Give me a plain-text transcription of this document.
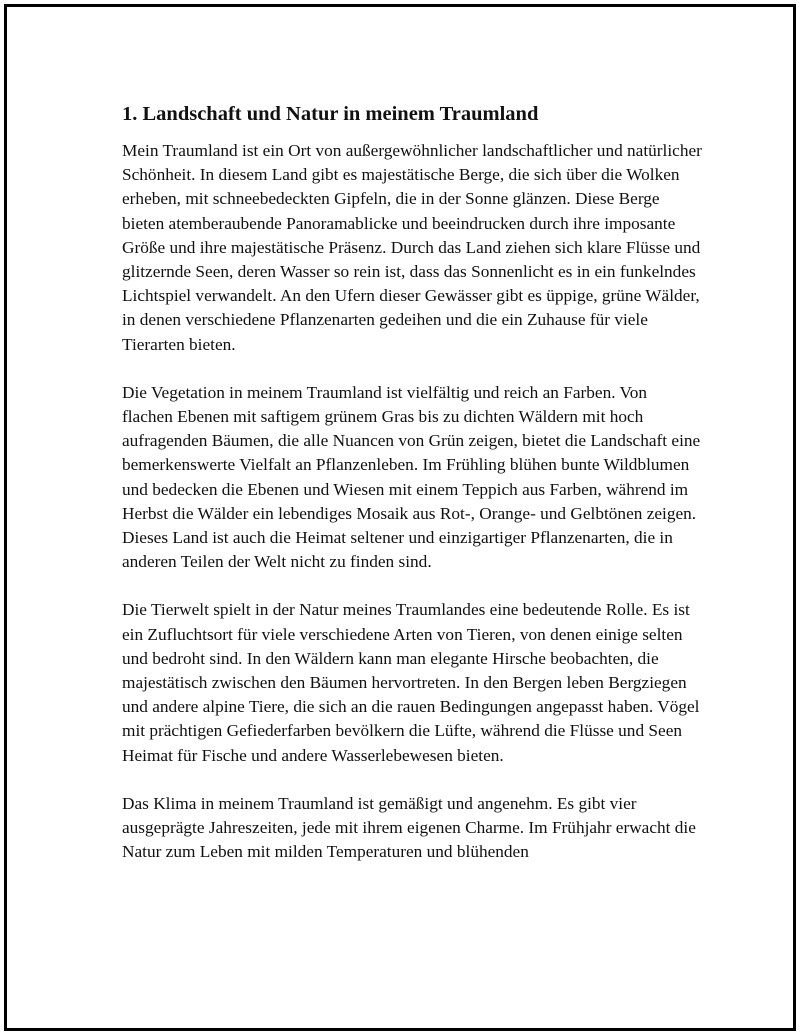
1. Landschaft und Natur in meinem Traumland

Mein Traumland ist ein Ort von außergewöhnlicher landschaftlicher und natürlicher Schönheit. In diesem Land gibt es majestätische Berge, die sich über die Wolken erheben, mit schneebedeckten Gipfeln, die in der Sonne glänzen. Diese Berge bieten atemberaubende Panoramablicke und beeindrucken durch ihre imposante Größe und ihre majestätische Präsenz. Durch das Land ziehen sich klare Flüsse und glitzernde Seen, deren Wasser so rein ist, dass das Sonnenlicht es in ein funkelndes Lichtspiel verwandelt. An den Ufern dieser Gewässer gibt es üppige, grüne Wälder, in denen verschiedene Pflanzenarten gedeihen und die ein Zuhause für viele Tierarten bieten.

Die Vegetation in meinem Traumland ist vielfältig und reich an Farben. Von flachen Ebenen mit saftigem grünem Gras bis zu dichten Wäldern mit hoch aufragenden Bäumen, die alle Nuancen von Grün zeigen, bietet die Landschaft eine bemerkenswerte Vielfalt an Pflanzenleben. Im Frühling blühen bunte Wildblumen und bedecken die Ebenen und Wiesen mit einem Teppich aus Farben, während im Herbst die Wälder ein lebendiges Mosaik aus Rot-, Orange- und Gelbtönen zeigen. Dieses Land ist auch die Heimat seltener und einzigartiger Pflanzenarten, die in anderen Teilen der Welt nicht zu finden sind.

Die Tierwelt spielt in der Natur meines Traumlandes eine bedeutende Rolle. Es ist ein Zufluchtsort für viele verschiedene Arten von Tieren, von denen einige selten und bedroht sind. In den Wäldern kann man elegante Hirsche beobachten, die majestätisch zwischen den Bäumen hervortreten. In den Bergen leben Bergziegen und andere alpine Tiere, die sich an die rauen Bedingungen angepasst haben. Vögel mit prächtigen Gefiederfarben bevölkern die Lüfte, während die Flüsse und Seen Heimat für Fische und andere Wasserlebewesen bieten.

Das Klima in meinem Traumland ist gemäßigt und angenehm. Es gibt vier ausgeprägte Jahreszeiten, jede mit ihrem eigenen Charme. Im Frühjahr erwacht die Natur zum Leben mit milden Temperaturen und blühenden
